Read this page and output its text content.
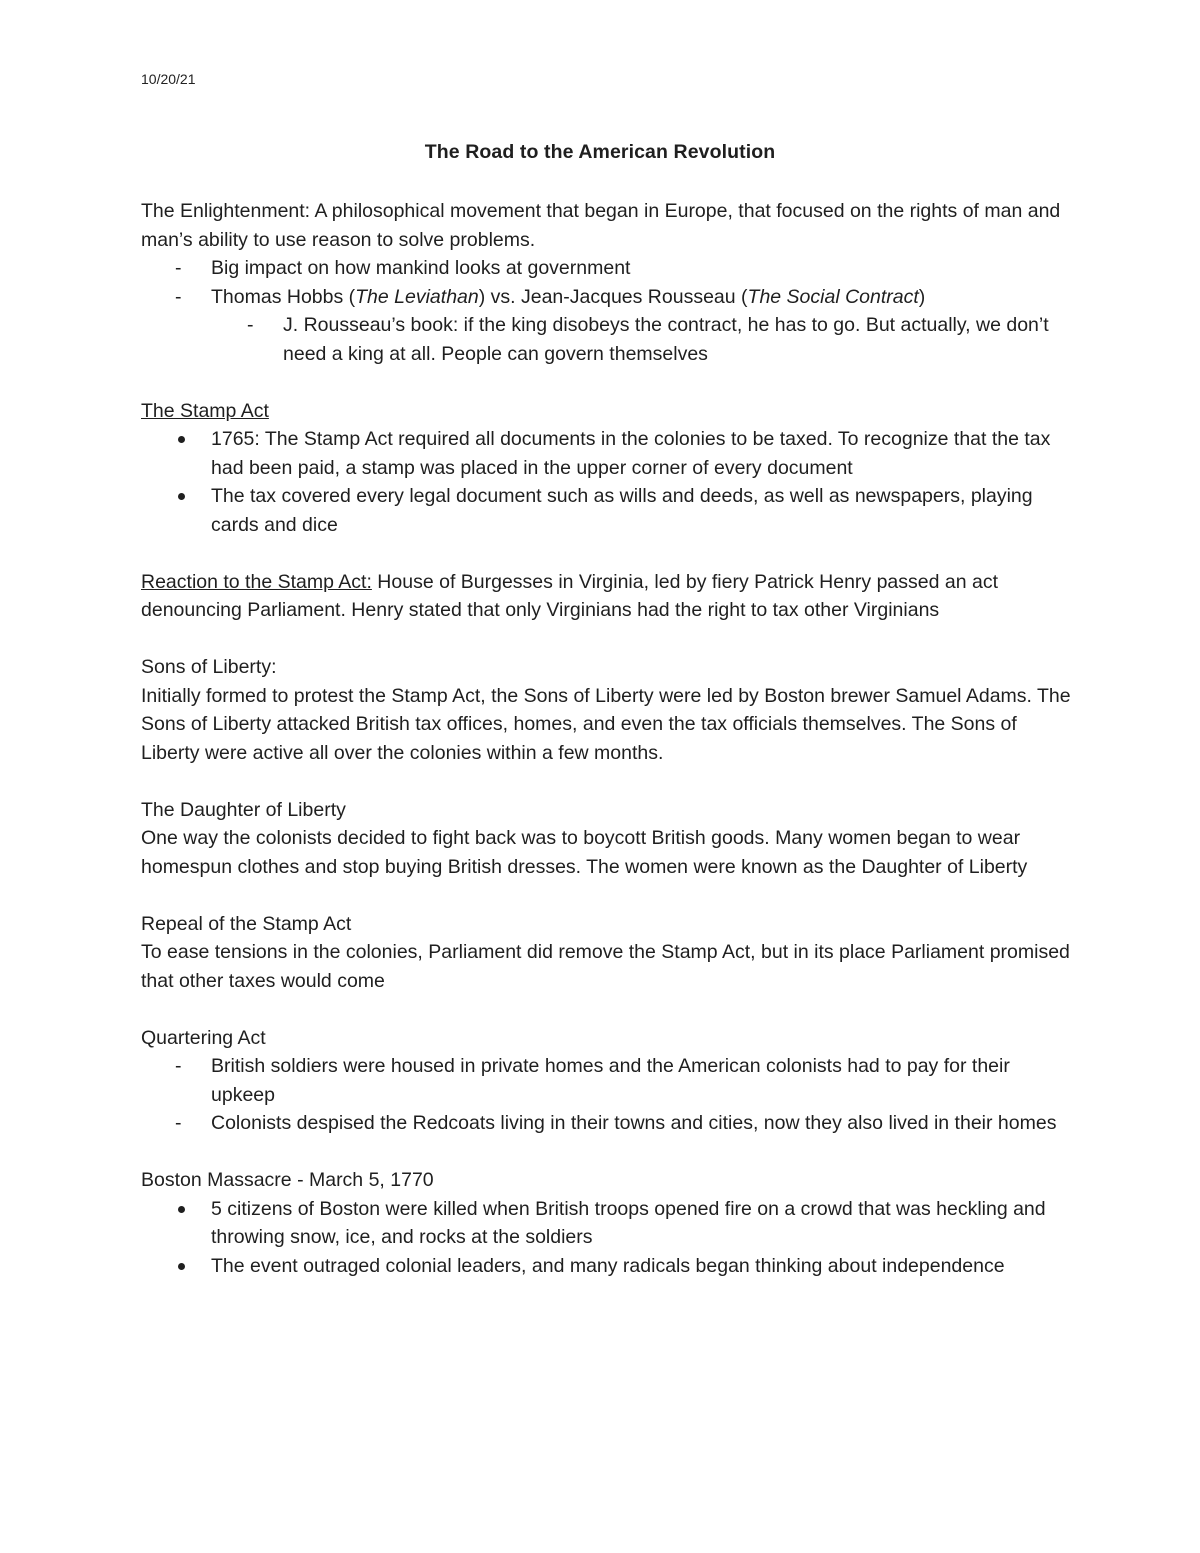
10/20/21
The Road to the American Revolution

The Enlightenment: A philosophical movement that began in Europe, that focused on the rights of man and man’s ability to use reason to solve problems.

- Big impact on how mankind looks at government
- Thomas Hobbs (The Leviathan) vs. Jean-Jacques Rousseau (The Social Contract)
- J. Rousseau’s book: if the king disobeys the contract, he has to go. But actually, we don’t need a king at all. People can govern themselves

The Stamp Act

1765: The Stamp Act required all documents in the colonies to be taxed. To recognize that the tax had been paid, a stamp was placed in the upper corner of every document
The tax covered every legal document such as wills and deeds, as well as newspapers, playing cards and dice

Reaction to the Stamp Act: House of Burgesses in Virginia, led by fiery Patrick Henry passed an act denouncing Parliament. Henry stated that only Virginians had the right to tax other Virginians

Sons of Liberty:

Initially formed to protest the Stamp Act, the Sons of Liberty were led by Boston brewer Samuel Adams. The Sons of Liberty attacked British tax offices, homes, and even the tax officials themselves. The Sons of Liberty were active all over the colonies within a few months.

The Daughter of Liberty

One way the colonists decided to fight back was to boycott British goods. Many women began to wear homespun clothes and stop buying British dresses. The women were known as the Daughter of Liberty

Repeal of the Stamp Act

To ease tensions in the colonies, Parliament did remove the Stamp Act, but in its place Parliament promised that other taxes would come

Quartering Act

- British soldiers were housed in private homes and the American colonists had to pay for their upkeep
- Colonists despised the Redcoats living in their towns and cities, now they also lived in their homes

Boston Massacre - March 5, 1770

5 citizens of Boston were killed when British troops opened fire on a crowd that was heckling and throwing snow, ice, and rocks at the soldiers
The event outraged colonial leaders, and many radicals began thinking about independence
